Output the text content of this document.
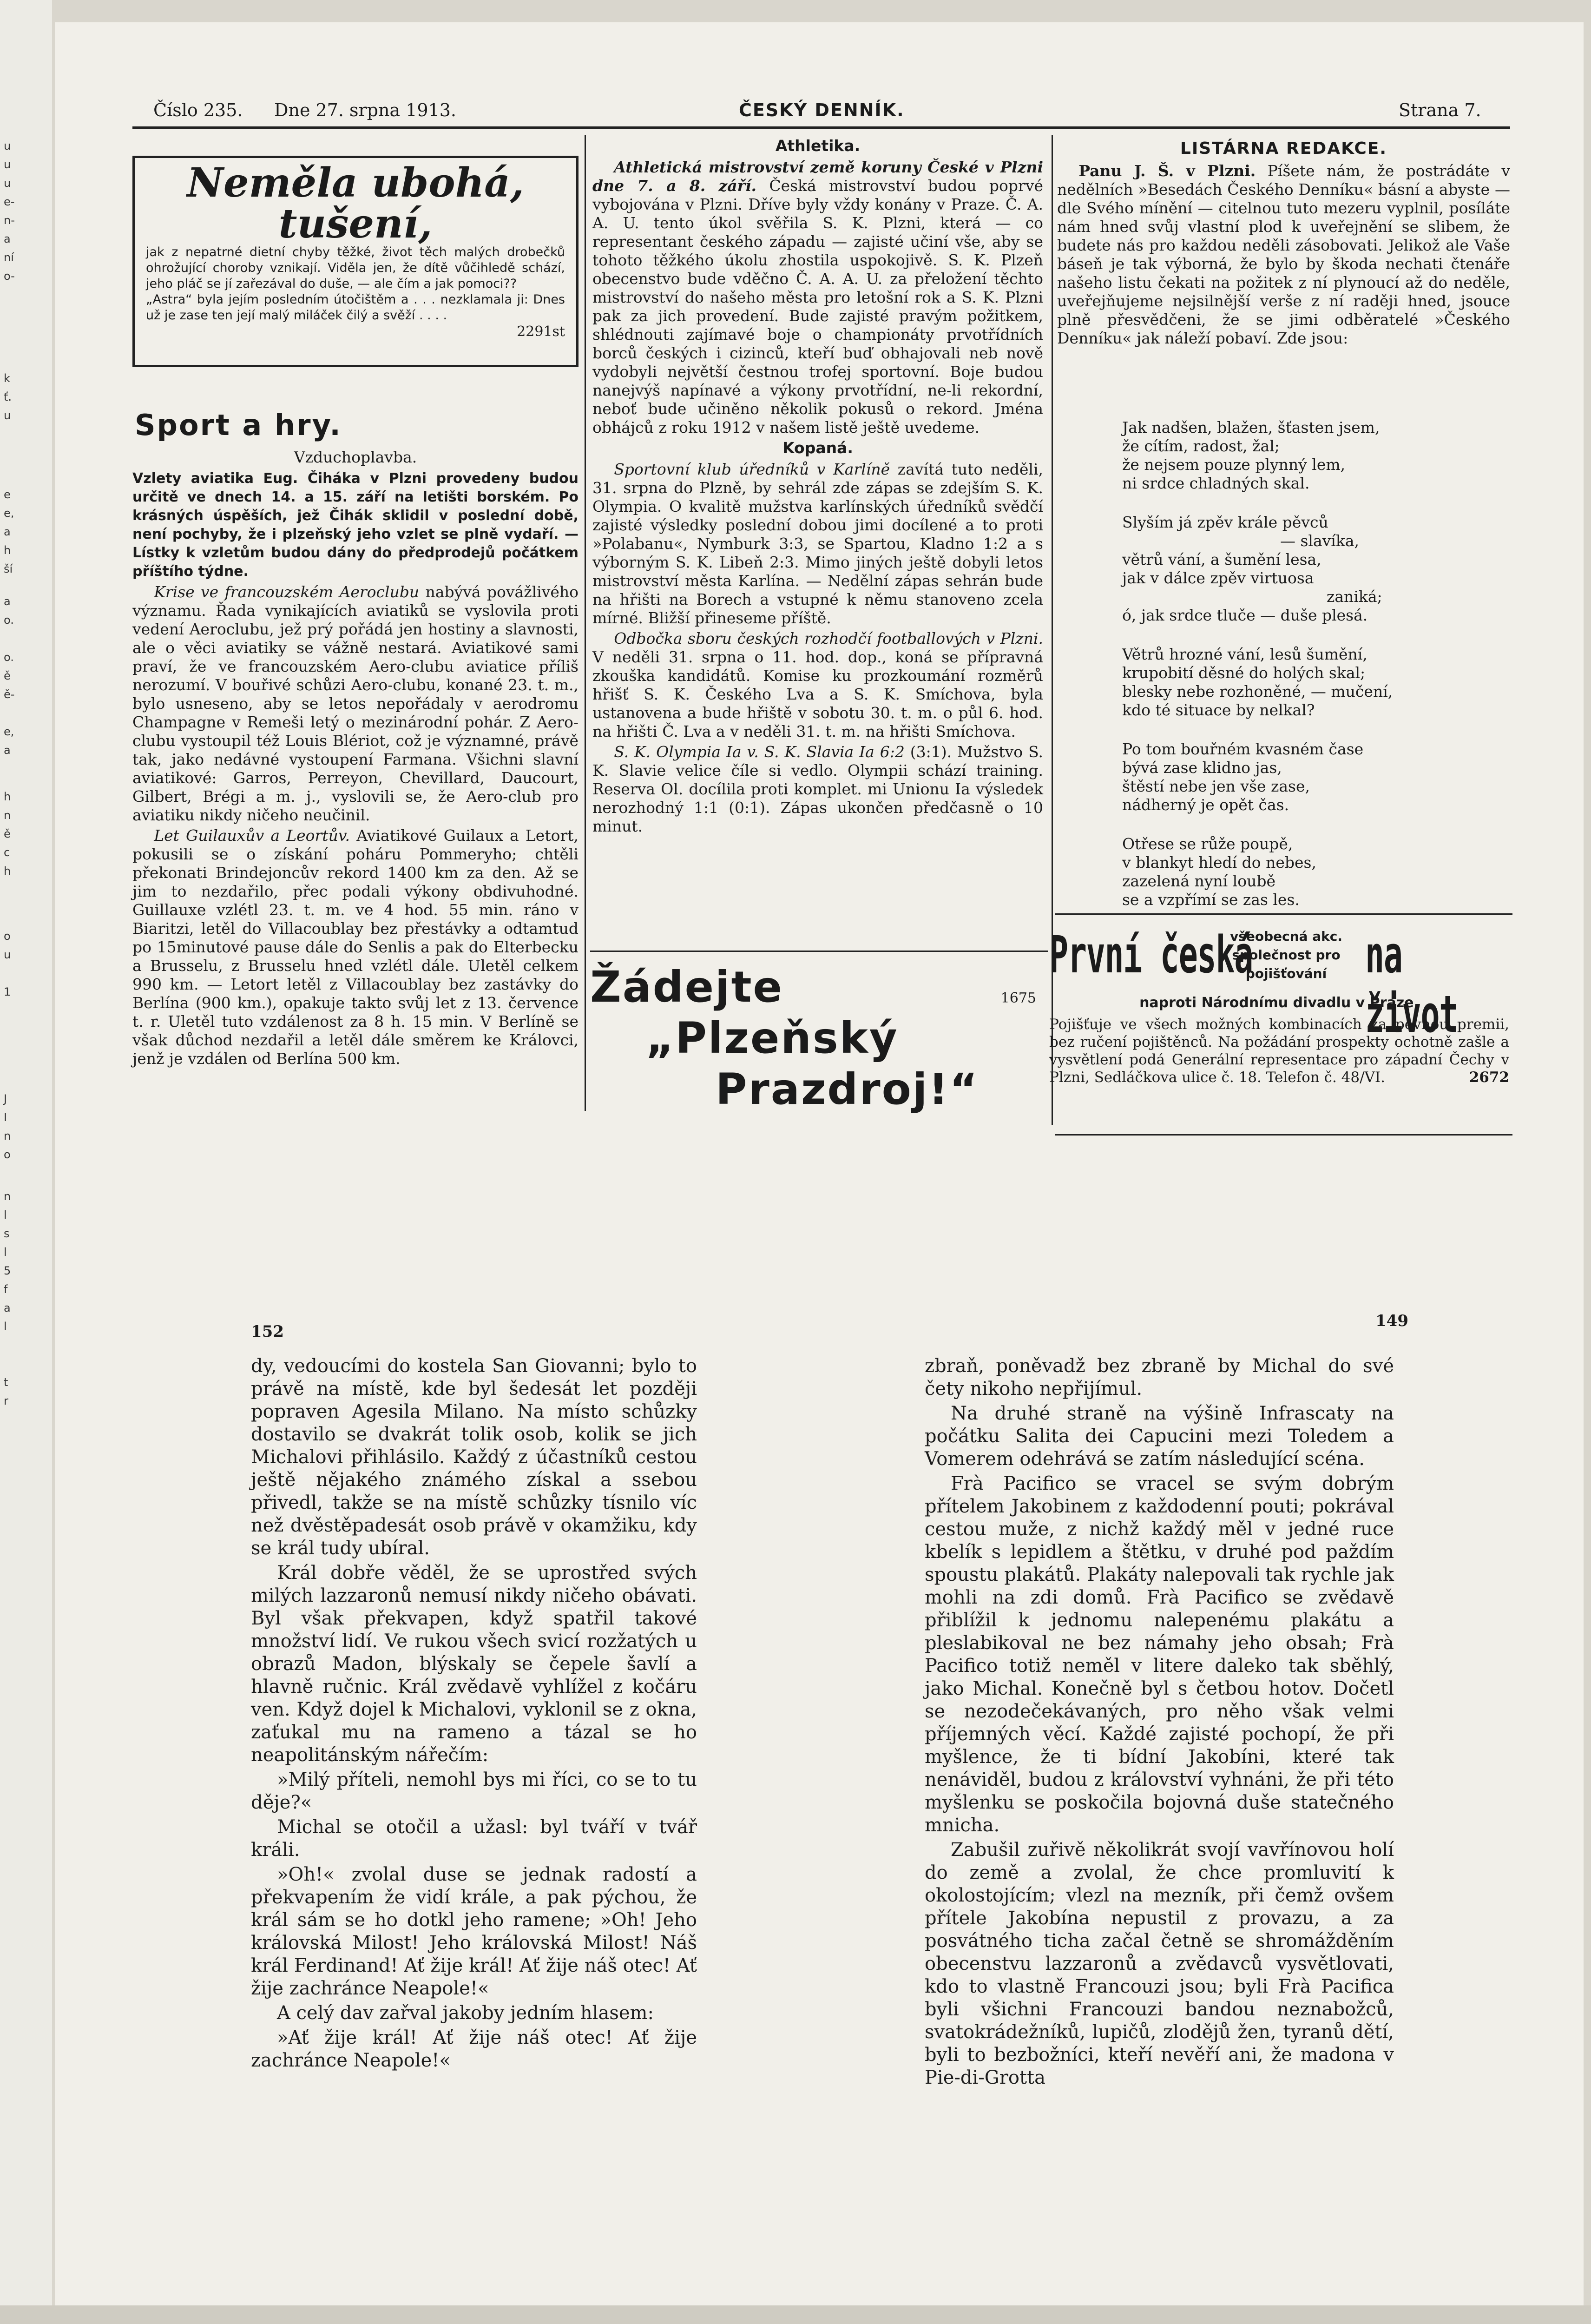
u
u
u
e-
n-
a
ní
o-
k
ť.
u
e
e,
a
h
ší
a
o.
o.
ě
ě-
e,
a
h
n
ě
c
h
o
u
1
J
I
n
o
n
l
s
l
5
f
a
l
t
r
Číslo 235. Dne 27. srpna 1913.	ČESKÝ DENNÍK.	Strana 7.
Neměla ubohá,
tušení,
jak z nepatrné dietní chyby těžké, život těch malých drobečků ohrožující choroby vznikají. Viděla jen, že dítě vůčihledě schází, jeho pláč se jí zařezával do duše, — ale čím a jak pomoci??
„Astra“ byla jejím posledním útočištěm a . . . nezklamala ji: Dnes už je zase ten její malý miláček čilý a svěží . . . .
2291st
Sport a hry.
Vzduchoplavba.

Vzlety aviatika Eug. Čiháka v Plzni provedeny budou určitě ve dnech 14. a 15. září na letišti borském. Po krásných úspěších, jež Čihák sklidil v poslední době, není pochyby, že i plzeňský jeho vzlet se plně vydaří. — Lístky k vzletům budou dány do předprodejů počátkem příštího týdne.

Krise ve francouzském Aeroclubu nabývá povážlivého významu. Řada vynikajících aviatiků se vyslovila proti vedení Aeroclubu, jež prý pořádá jen hostiny a slavnosti, ale o věci aviatiky se vážně nestará. Aviatikové sami praví, že ve francouzském Aero-clubu aviatice příliš nerozumí. V bouřivé schůzi Aero-clubu, konané 23. t. m., bylo usneseno, aby se letos nepořádaly v aerodromu Champagne v Remeši letý o mezinárodní pohár. Z Aero-clubu vystoupil též Louis Blériot, což je významné, právě tak, jako nedávné vystoupení Farmana. Všichni slavní aviatikové: Garros, Perreyon, Chevillard, Daucourt, Gilbert, Brégi a m. j., vyslovili se, že Aero-club pro aviatiku nikdy ničeho neučinil.

Let Guilauxův a Leortův. Aviatikové Guilaux a Letort, pokusili se o získání poháru Pommeryho; chtěli překonati Brindejoncův rekord 1400 km za den. Až se jim to nezdařilo, přec podali výkony obdivuhodné. Guillauxe vzlétl 23. t. m. ve 4 hod. 55 min. ráno v Biaritzi, letěl do Villacoublay bez přestávky a odtamtud po 15minutové pause dále do Senlis a pak do Elterbecku a Brusselu, z Brusselu hned vzlétl dále. Uletěl celkem 990 km. — Letort letěl z Villacoublay bez zastávky do Berlína (900 km.), opakuje takto svůj let z 13. července t. r. Uletěl tuto vzdálenost za 8 h. 15 min. V Berlíně se však důchod nezdařil a letěl dále směrem ke Královci, jenž je vzdálen od Berlína 500 km.

Athletika.

Athletická mistrovství země koruny České v Plzni dne 7. a 8. září. Česká mistrovství budou poprvé vybojována v Plzni. Dříve byly vždy konány v Praze. Č. A. A. U. tento úkol svěřila S. K. Plzni, která — co representant českého západu — zajisté učiní vše, aby se tohoto těžkého úkolu zhostila uspokojivě. S. K. Plzeň obecenstvo bude vděčno Č. A. A. U. za přeložení těchto mistrovství do našeho města pro letošní rok a S. K. Plzni pak za jich provedení. Bude zajisté pravým požitkem, shlédnouti zajímavé boje o championáty prvotřídních borců českých i cizinců, kteří buď obhajovali neb nově vydobyli největší čestnou trofej sportovní. Boje budou nanejvýš napínavé a výkony prvotřídní, ne-li rekordní, neboť bude učiněno několik pokusů o rekord. Jména obhájců z roku 1912 v našem listě ještě uvedeme.

Kopaná.

Sportovní klub úředníků v Karlíně zavítá tuto neděli, 31. srpna do Plzně, by sehrál zde zápas se zdejším S. K. Olympia. O kvalitě mužstva karlínských úředníků svědčí zajisté výsledky poslední dobou jimi docílené a to proti »Polabanu«, Nymburk 3:3, se Spartou, Kladno 1:2 a s výborným S. K. Libeň 2:3. Mimo jiných ještě dobyli letos mistrovství města Karlína. — Nedělní zápas sehrán bude na hřišti na Borech a vstupné k němu stanoveno zcela mírné. Bližší přineseme příště.

Odbočka sboru českých rozhodčí footballových v Plzni. V neděli 31. srpna o 11. hod. dop., koná se přípravná zkouška kandidátů. Komise ku prozkoumání rozměrů hřišť S. K. Českého Lva a S. K. Smíchova, byla ustanovena a bude hřiště v sobotu 30. t. m. o půl 6. hod. na hřišti Č. Lva a v neděli 31. t. m. na hřišti Smíchova.

S. K. Olympia Ia v. S. K. Slavia Ia 6:2 (3:1). Mužstvo S. K. Slavie velice číle si vedlo. Olympii schází training. Reserva Ol. docílila proti komplet. mi Unionu Ia výsledek nerozhodný 1:1 (0:1). Zápas ukončen předčasně o 10 minut.

LISTÁRNA REDAKCE.

Panu J. Š. v Plzni. Píšete nám, že postrádáte v nedělních »Besedách Českého Denníku« básní a abyste — dle Svého mínění — citelnou tuto mezeru vyplnil, posíláte nám hned svůj vlastní plod k uveřejnění se slibem, že budete nás pro každou neděli zásobovati. Jelikož ale Vaše báseň je tak výborná, že bylo by škoda nechati čtenáře našeho listu čekati na požitek z ní plynoucí až do neděle, uveřejňujeme nejsilnější verše z ní raději hned, jsouce plně přesvědčeni, že se jimi odběratelé »Českého Denníku« jak náleží pobaví. Zde jsou:

Jak nadšen, blažen, šťasten jsem,
že cítím, radost, žal;
že nejsem pouze plynný lem,
ni srdce chladných skal.
Slyším já zpěv krále pěvců
— slavíka,
větrů vání, a šumění lesa,
jak v dálce zpěv virtuosa
zaniká;
ó, jak srdce tluče — duše plesá.
Větrů hrozné vání, lesů šumění,
krupobití děsné do holých skal;
blesky nebe rozhoněné, — mučení,
kdo té situace by nelkal?
Po tom bouřném kvasném čase
bývá zase klidno jas,
štěstí nebe jen vše zase,
nádherný je opět čas.
Otřese se růže poupě,
v blankyt hledí do nebes,
zazelená nyní loubě
se a vzpřímí se zas les.
Žádejte
„Plzeňský
Prazdroj!“
1675
První česká
všeobecná akc.
společnost pro
pojišťování na život
naproti Národnímu divadlu v Praze.
Pojišťuje ve všech možných kombinacích za pevnou premii, bez ručení pojištěnců. Na požádání prospekty ochotně zašle a vysvětlení podá Generální representace pro západní Čechy v Plzni, Sedláčkova ulice č. 18. Telefon č. 48/VI.	2672
152
149

dy, vedoucími do kostela San Giovanni; bylo to právě na místě, kde byl šedesát let později popraven Agesila Milano. Na místo schůzky dostavilo se dvakrát tolik osob, kolik se jich Michalovi přihlásilo. Každý z účastníků cestou ještě nějakého známého získal a ssebou přivedl, takže se na místě schůzky tísnilo víc než dvěstěpadesát osob právě v okamžiku, kdy se král tudy ubíral.

Král dobře věděl, že se uprostřed svých milých lazzaronů nemusí nikdy ničeho obávati. Byl však překvapen, když spatřil takové množství lidí. Ve rukou všech svicí rozžatých u obrazů Madon, blýskaly se čepele šavlí a hlavně ručnic. Král zvědavě vyhlížel z kočáru ven. Když dojel k Michalovi, vyklonil se z okna, zaťukal mu na rameno a tázal se ho neapolitánským nářečím:

»Milý příteli, nemohl bys mi říci, co se to tu děje?«

Michal se otočil a užasl: byl tváří v tvář králi.

»Oh!« zvolal duse se jednak radostí a překvapením že vidí krále, a pak pýchou, že král sám se ho dotkl jeho ramene; »Oh! Jeho královská Milost! Jeho královská Milost! Náš král Ferdinand! Ať žije král! Ať žije náš otec! Ať žije zachránce Neapole!«

A celý dav zařval jakoby jedním hlasem:

»Ať žije král! Ať žije náš otec! Ať žije zachránce Neapole!«

zbraň, poněvadž bez zbraně by Michal do své čety nikoho nepřijímul.

Na druhé straně na výšině Infrascaty na počátku Salita dei Capucini mezi Toledem a Vomerem odehrává se zatím následující scéna.

Frà Pacifico se vracel se svým dobrým přítelem Jakobinem z každodenní pouti; pokrával cestou muže, z nichž každý měl v jedné ruce kbelík s lepidlem a štětku, v druhé pod paždím spoustu plakátů. Plakáty nalepovali tak rychle jak mohli na zdi domů. Frà Pacifico se zvědavě přiblížil k jednomu nalepenému plakátu a pleslabikoval ne bez námahy jeho obsah; Frà Pacifico totiž neměl v litere daleko tak sběhlý, jako Michal. Konečně byl s četbou hotov. Dočetl se nezodečekávaných, pro něho však velmi příjemných věcí. Každé zajisté pochopí, že při myšlence, že ti bídní Jakobíni, které tak nenáviděl, budou z království vyhnáni, že při této myšlenku se poskočila bojovná duše statečného mnicha.

Zabušil zuřivě několikrát svojí vavřínovou holí do země a zvolal, že chce promluvití k okolostojícím; vlezl na mezník, při čemž ovšem přítele Jakobína nepustil z provazu, a za posvátného ticha začal četně se shromážděním obecenstvu lazzaronů a zvědavců vysvětlovati, kdo to vlastně Francouzi jsou; byli Frà Pacifica byli všichni Francouzi bandou neznabožců, svatokrádežníků, lupičů, zlodějů žen, tyranů dětí, byli to bezbožníci, kteří nevěří ani, že madona v Pie-di-Grotta
